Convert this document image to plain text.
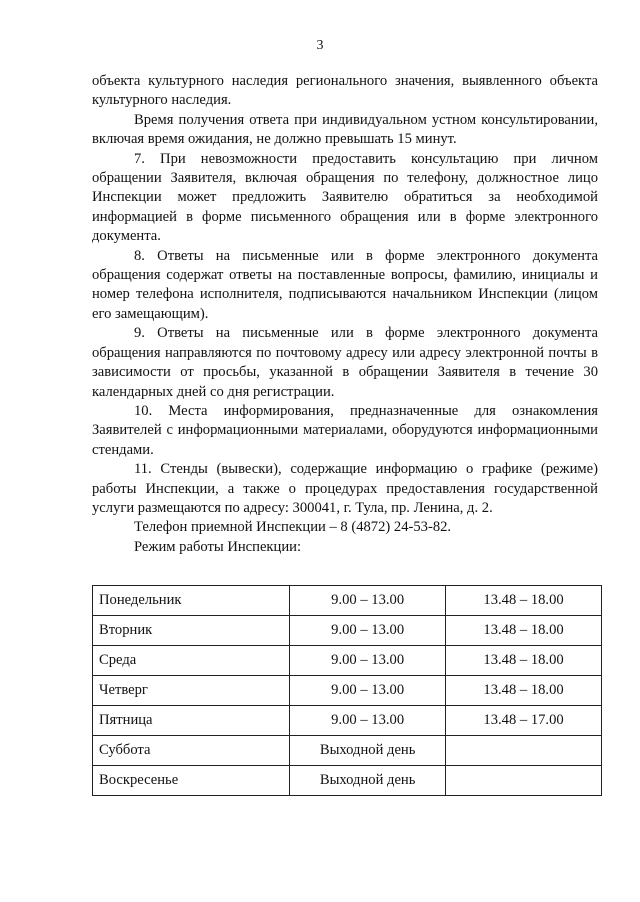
3

объекта культурного наследия регионального значения, выявленного объекта культурного наследия.

Время получения ответа при индивидуальном устном консультировании, включая время ожидания, не должно превышать 15 минут.

7. При невозможности предоставить консультацию при личном обращении Заявителя, включая обращения по телефону, должностное лицо Инспекции может предложить Заявителю обратиться за необходимой информацией в форме письменного обращения или в форме электронного документа.

8. Ответы на письменные или в форме электронного документа обращения содержат ответы на поставленные вопросы, фамилию, инициалы и номер телефона исполнителя, подписываются начальником Инспекции (лицом его замещающим).

9. Ответы на письменные или в форме электронного документа обращения направляются по почтовому адресу или адресу электронной почты в зависимости от просьбы, указанной в обращении Заявителя в течение 30 календарных дней со дня регистрации.

10. Места информирования, предназначенные для ознакомления Заявителей с информационными материалами, оборудуются информационными стендами.

11. Стенды (вывески), содержащие информацию о графике (режиме) работы Инспекции, а также о процедурах предоставления государственной услуги размещаются по адресу: 300041, г. Тула, пр. Ленина, д. 2.

Телефон приемной Инспекции – 8 (4872) 24-53-82.

Режим работы Инспекции:

Понедельник	9.00 – 13.00	13.48 – 18.00
Вторник	9.00 – 13.00	13.48 – 18.00
Среда	9.00 – 13.00	13.48 – 18.00
Четверг	9.00 – 13.00	13.48 – 18.00
Пятница	9.00 – 13.00	13.48 – 17.00
Суббота	Выходной день	
Воскресенье	Выходной день	
